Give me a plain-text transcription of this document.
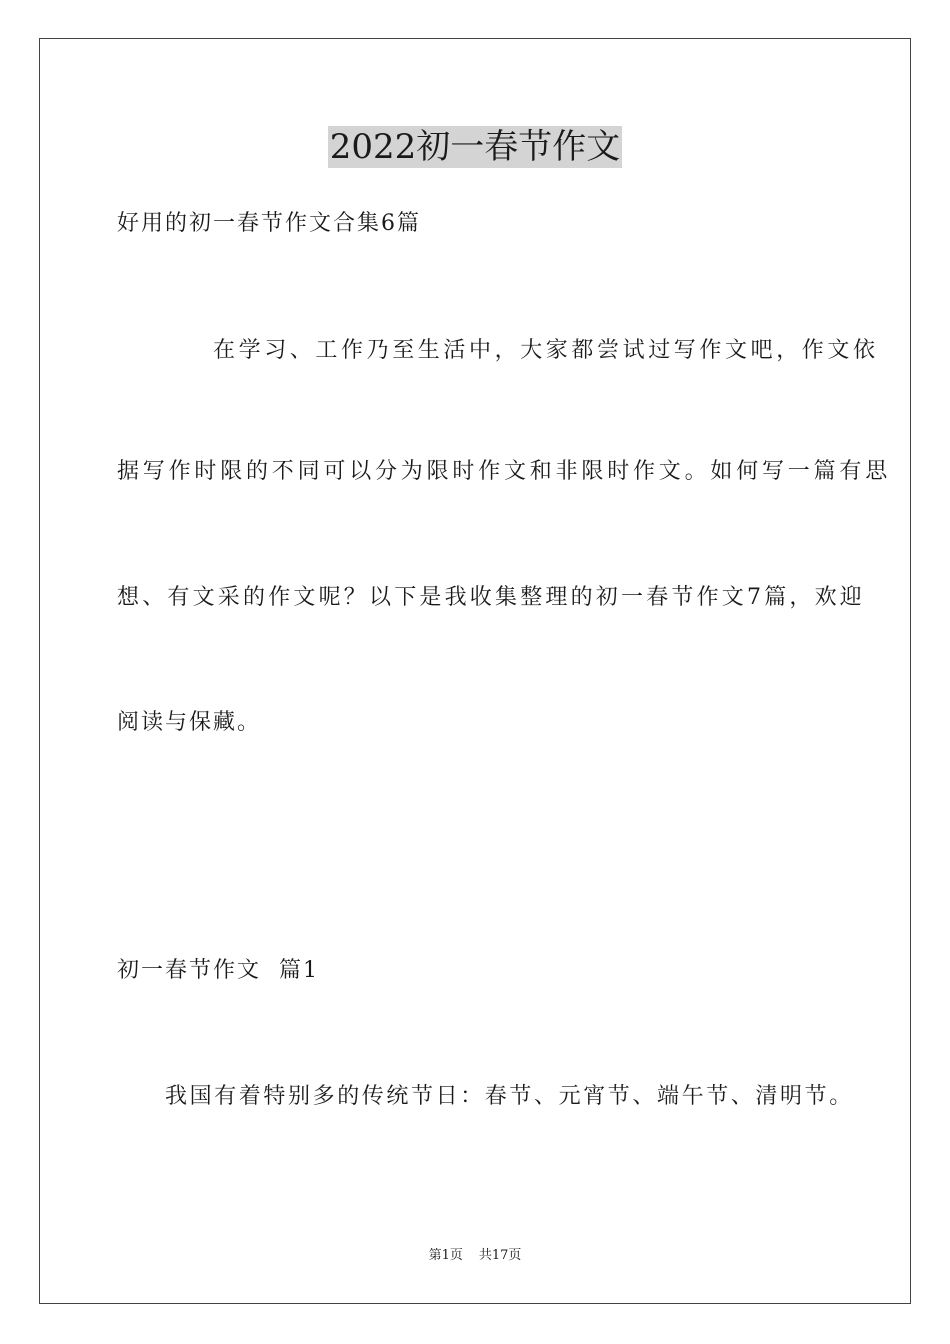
2022初一春节作文
好用的初一春节作文合集6篇
在学习、工作乃至生活中，大家都尝试过写作文吧，作文依
据写作时限的不同可以分为限时作文和非限时作文。如何写一篇有思
想、有文采的作文呢？以下是我收集整理的初一春节作文7篇，欢迎
阅读与保藏。
初一春节作文  篇1
我国有着特别多的传统节日：春节、元宵节、端午节、清明节。
第1页 共17页
